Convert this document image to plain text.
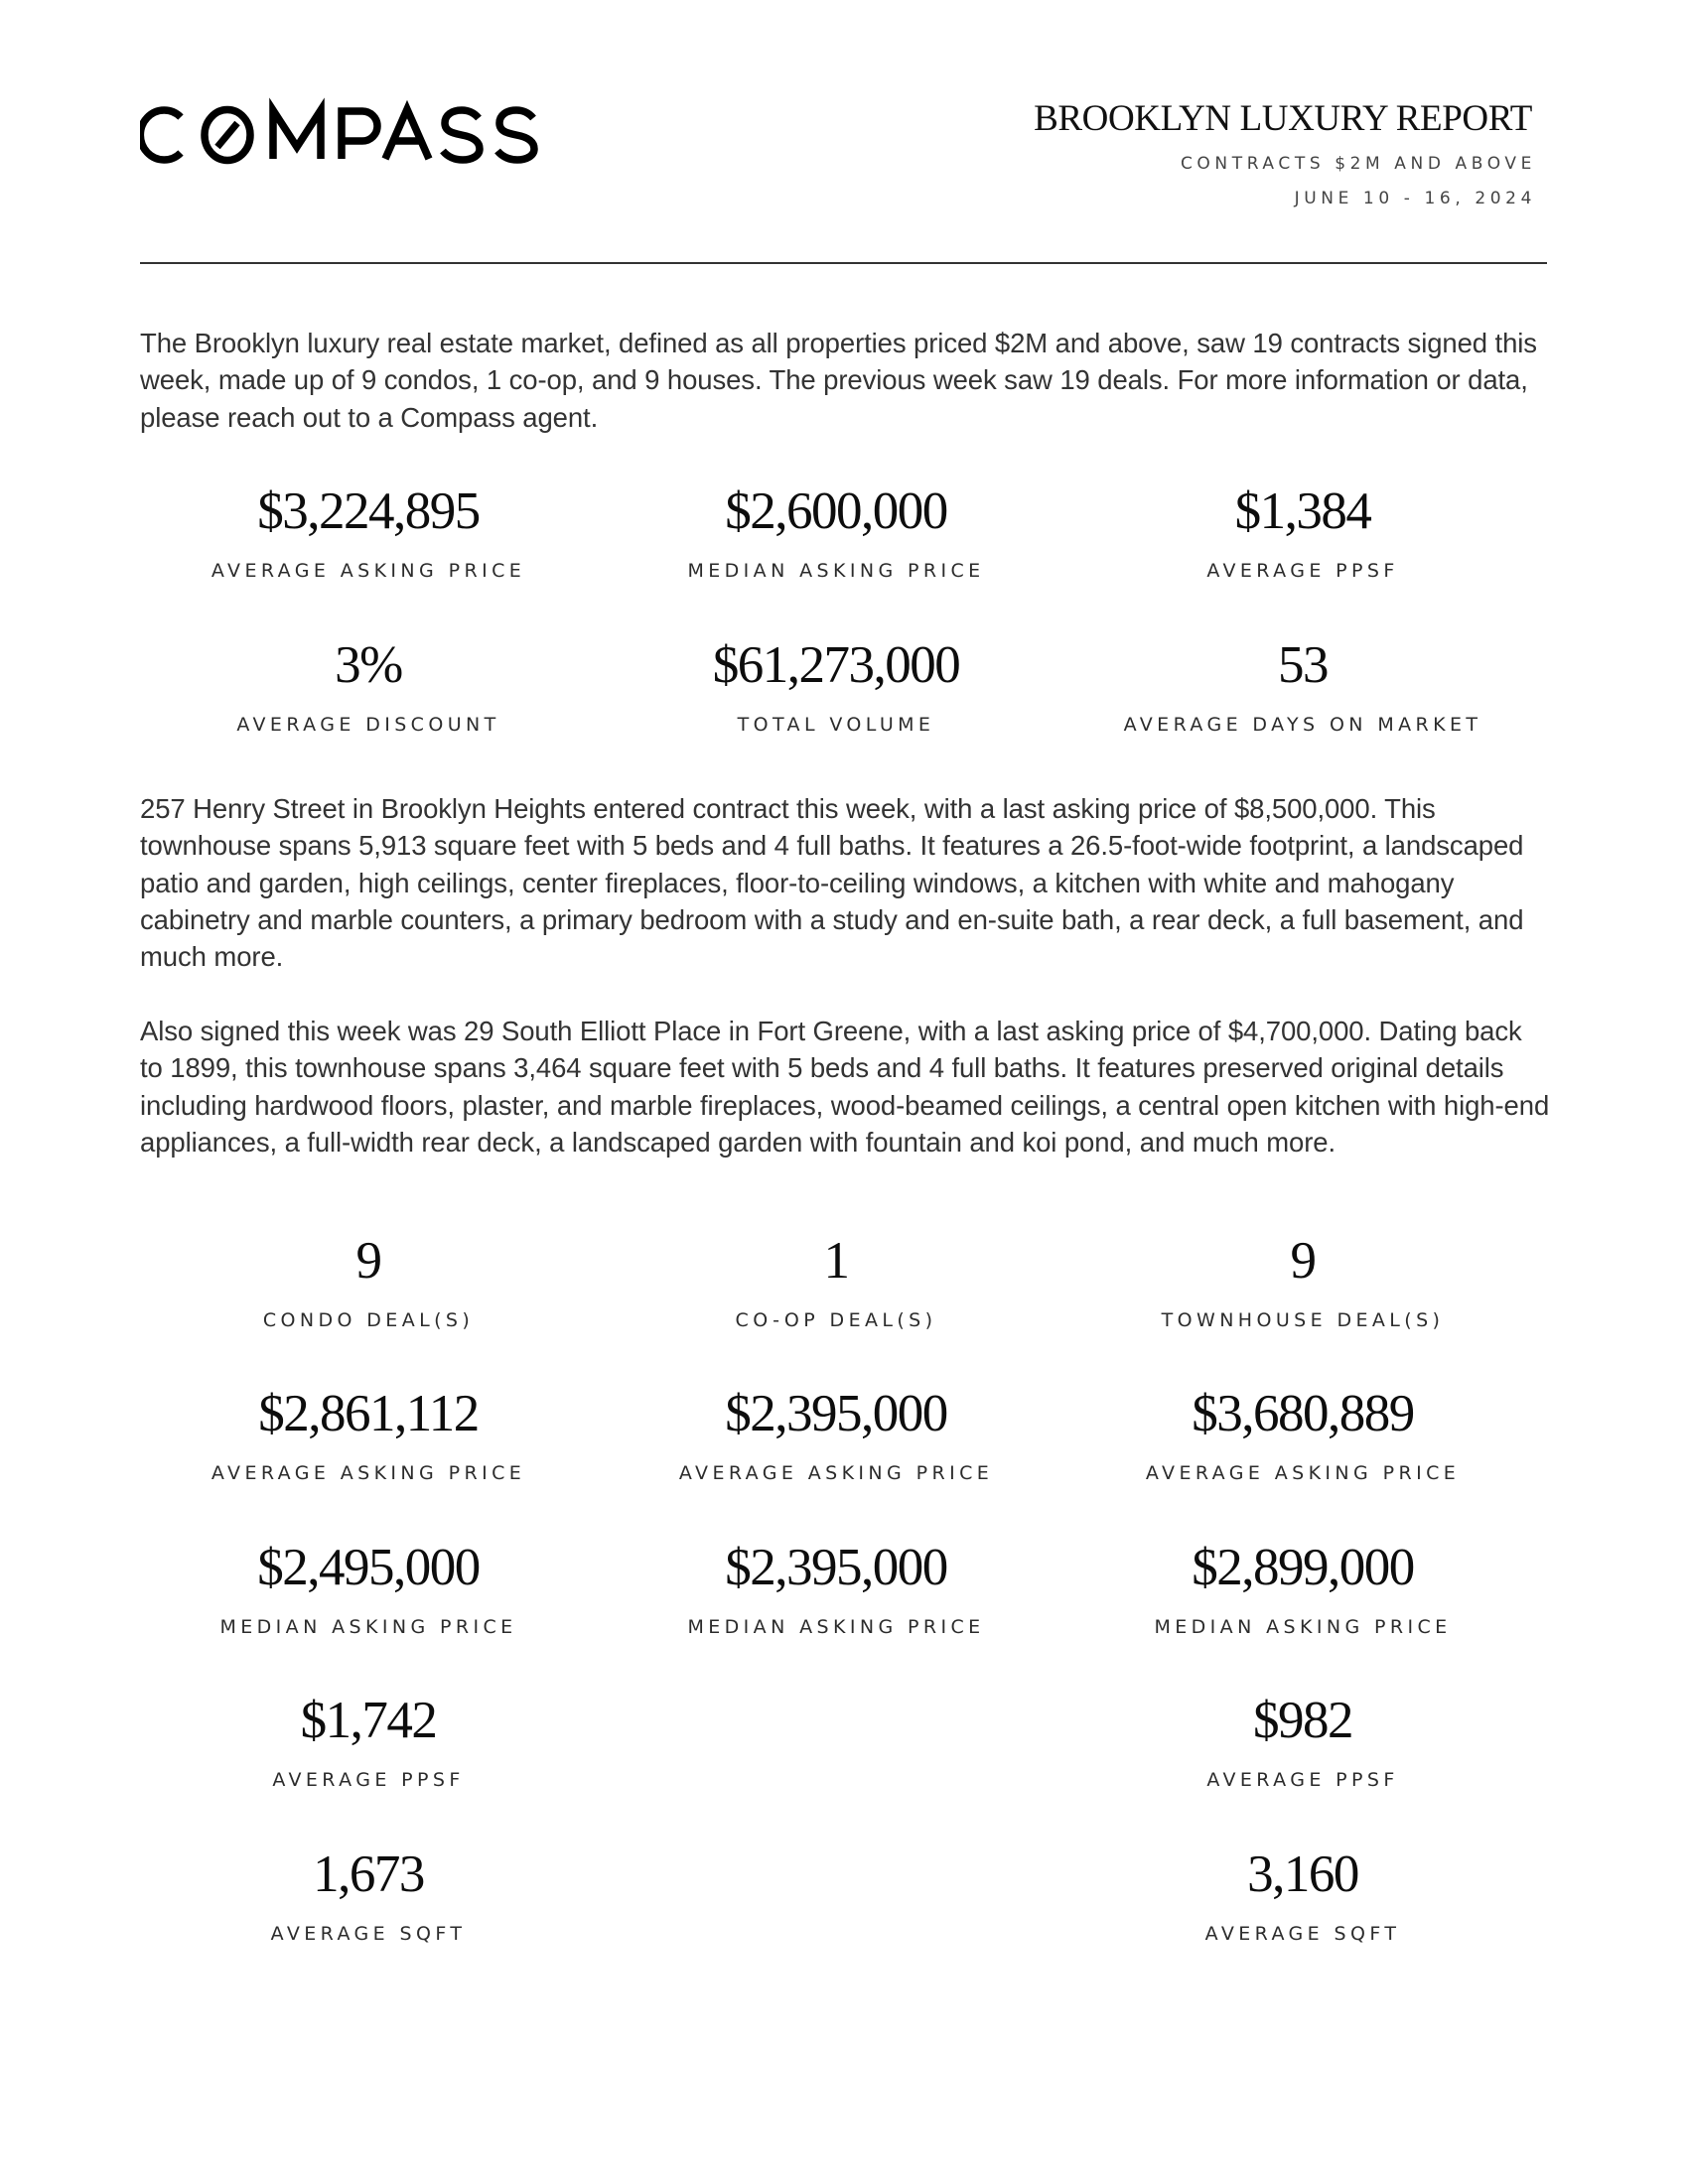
BROOKLYN LUXURY REPORT
CONTRACTS $2M AND ABOVE
JUNE 10 - 16, 2024

The Brooklyn luxury real estate market, defined as all properties priced $2M and above, saw 19 contracts signed this week, made up of 9 condos, 1 co-op, and 9 houses. The previous week saw 19 deals. For more information or data, please reach out to a Compass agent.

$3,224,895
AVERAGE ASKING PRICE
$2,600,000
MEDIAN ASKING PRICE
$1,384
AVERAGE PPSF
3%
AVERAGE DISCOUNT
$61,273,000
TOTAL VOLUME
53
AVERAGE DAYS ON MARKET

257 Henry Street in Brooklyn Heights entered contract this week, with a last asking price of $8,500,000. This townhouse spans 5,913 square feet with 5 beds and 4 full baths. It features a 26.5-foot-wide footprint, a landscaped patio and garden, high ceilings, center fireplaces, floor-to-ceiling windows, a kitchen with white and mahogany cabinetry and marble counters, a primary bedroom with a study and en-suite bath, a rear deck, a full basement, and much more.

Also signed this week was 29 South Elliott Place in Fort Greene, with a last asking price of $4,700,000. Dating back to 1899, this townhouse spans 3,464 square feet with 5 beds and 4 full baths. It features preserved original details including hardwood floors, plaster, and marble fireplaces, wood-beamed ceilings, a central open kitchen with high-end appliances, a full-width rear deck, a landscaped garden with fountain and koi pond, and much more.

9
CONDO DEAL(S)
1
CO-OP DEAL(S)
9
TOWNHOUSE DEAL(S)
$2,861,112
AVERAGE ASKING PRICE
$2,395,000
AVERAGE ASKING PRICE
$3,680,889
AVERAGE ASKING PRICE
$2,495,000
MEDIAN ASKING PRICE
$2,395,000
MEDIAN ASKING PRICE
$2,899,000
MEDIAN ASKING PRICE
$1,742
AVERAGE PPSF
$982
AVERAGE PPSF
1,673
AVERAGE SQFT
3,160
AVERAGE SQFT
